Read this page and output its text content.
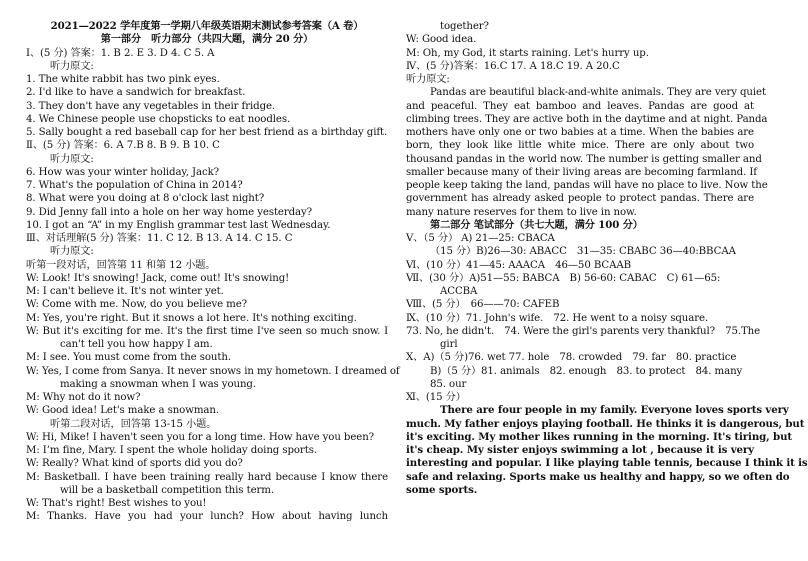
2021—2022 学年度第一学期八年级英语期末测试参考答案（A 卷）
第一部分　听力部分（共四大题，满分 20 分）
Ⅰ、(5 分) 答案：1. B 2. E 3. D 4. C 5. A
听力原文:
1. The white rabbit has two pink eyes.
2. I'd like to have a sandwich for breakfast.
3. They don't have any vegetables in their fridge.
4. We Chinese people use chopsticks to eat noodles.
5. Sally bought a red baseball cap for her best friend as a birthday gift.
Ⅱ、(5 分) 答案：6. A 7.B 8. B 9. B 10. C
听力原文:
6. How was your winter holiday, Jack?
7. What's the population of China in 2014?
8. What were you doing at 8 o'clock last night?
9. Did Jenny fall into a hole on her way home yesterday?
10. I got an “A” in my English grammar test last Wednesday.
Ⅲ、对话理解(5 分) 答案：11. C 12. B 13. A 14. C 15. C
听力原文:
听第一段对话，回答第 11 和第 12 小题。
W: Look! It's snowing! Jack, come out! It's snowing!
M: I can't believe it. It's not winter yet.
W: Come with me. Now, do you believe me?
M: Yes, you're right. But it snows a lot here. It's nothing exciting.
W: But it's exciting for me. It's the first time I've seen so much snow. I
can't tell you how happy I am.
M: I see. You must come from the south.
W: Yes, I come from Sanya. It never snows in my hometown. I dreamed of
making a snowman when I was young.
M: Why not do it now?
W: Good idea! Let's make a snowman.
听第二段对话，回答第 13-15 小题。
W: Hi, Mike! I haven't seen you for a long time. How have you been?
M: I’m fine, Mary. I spent the whole holiday doing sports.
W: Really? What kind of sports did you do?
M: Basketball. I have been training really hard because I know there
will be a basketball competition this term.
W: That's right! Best wishes to you!
M: Thanks. Have you had your lunch? How about having lunch
together?
W: Good idea.
M: Oh, my God, it starts raining. Let's hurry up.
Ⅳ、(5 分)答案：16.C 17. A 18.C 19. A 20.C
听力原文:
Pandas are beautiful black-and-white animals. They are very quiet
and peaceful. They eat bamboo and leaves. Pandas are good at
climbing trees. They are active both in the daytime and at night. Panda
mothers have only one or two babies at a time. When the babies are
born, they look like little white mice. There are only about two
thousand pandas in the world now. The number is getting smaller and
smaller because many of their living areas are becoming farmland. If
people keep taking the land, pandas will have no place to live. Now the
government has already asked people to protect pandas. There are
many nature reserves for them to live in now.
第二部分 笔试部分（共七大题，满分 100 分）
Ⅴ、（5 分） A) 21—25: CBACA
（15 分）B)26—30: ABACC　31—35: CBABC 36—40:BBCAA
Ⅵ、(10 分）41—45: AAACA　46—50 BCAAB
Ⅶ、(30 分）A)51—55: BABCA　B) 56-60: CABAC　C) 61—65:
ACCBA
Ⅷ、(5 分）　66——70: CAFEB
Ⅸ、(10 分）71. John's wife.　72. He went to a noisy square.
73. No, he didn't.　74. Were the girl's parents very thankful?　75.The
girl
Ⅹ、A)（5 分)76. wet 77. hole　78. crowded　79. far　80. practice
B)（5 分）81. animals　82. enough　83. to protect　84. many
85. our
Ⅺ、(15 分）
There are four people in my family. Everyone loves sports very
much. My father enjoys playing football. He thinks it is dangerous, but
it's exciting. My mother likes running in the morning. It's tiring, but
it's cheap. My sister enjoys swimming a lot , because it is very
interesting and popular. I like playing table tennis, because I think it is
safe and relaxing. Sports make us healthy and happy, so we often do
some sports.
